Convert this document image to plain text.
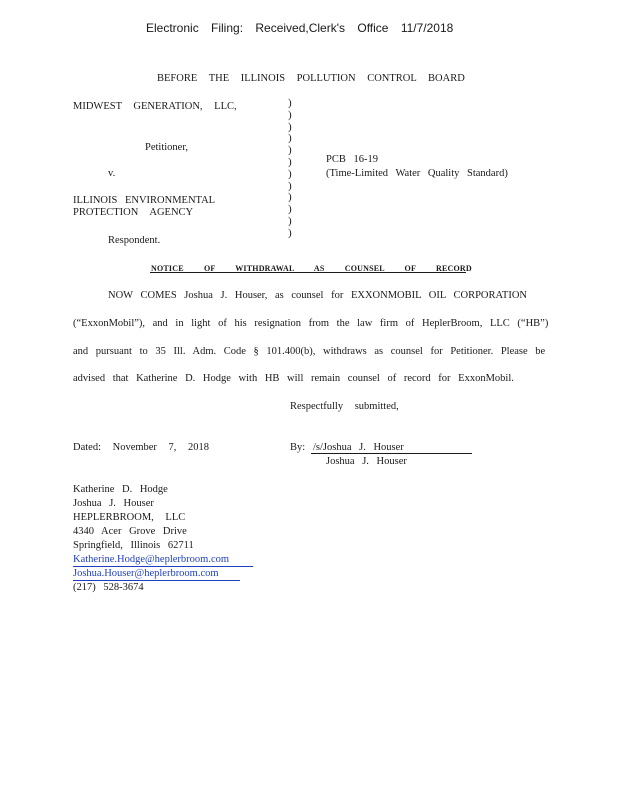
Electronic Filing: Received,Clerk's Office 11/7/2018
BEFORE THE ILLINOIS POLLUTION CONTROL BOARD
MIDWEST GENERATION, LLC,
Petitioner,
v.
ILLINOIS ENVIRONMENTAL
PROTECTION AGENCY
Respondent.
)
)
)
)
)
)
)
)
)
)
)
)
PCB 16-19
(Time-Limited Water Quality Standard)
NOTICE OF WITHDRAWAL AS COUNSEL OF RECORD
NOW COMES Joshua J. Houser, as counsel for EXXONMOBIL OIL CORPORATION
(“ExxonMobil”), and in light of his resignation from the law firm of HeplerBroom, LLC (“HB”)
and pursuant to 35 Ill. Adm. Code § 101.400(b), withdraws as counsel for Petitioner. Please be
advised that Katherine D. Hodge with HB will remain counsel of record for ExxonMobil.
Respectfully submitted,
Dated: November 7, 2018	By: /s/Joshua J. Houser
Joshua J. Houser
Katherine D. Hodge
Joshua J. Houser
HEPLERBROOM, LLC
4340 Acer Grove Drive
Springfield, Illinois 62711
Katherine.Hodge@heplerbroom.com
Joshua.Houser@heplerbroom.com
(217) 528-3674
